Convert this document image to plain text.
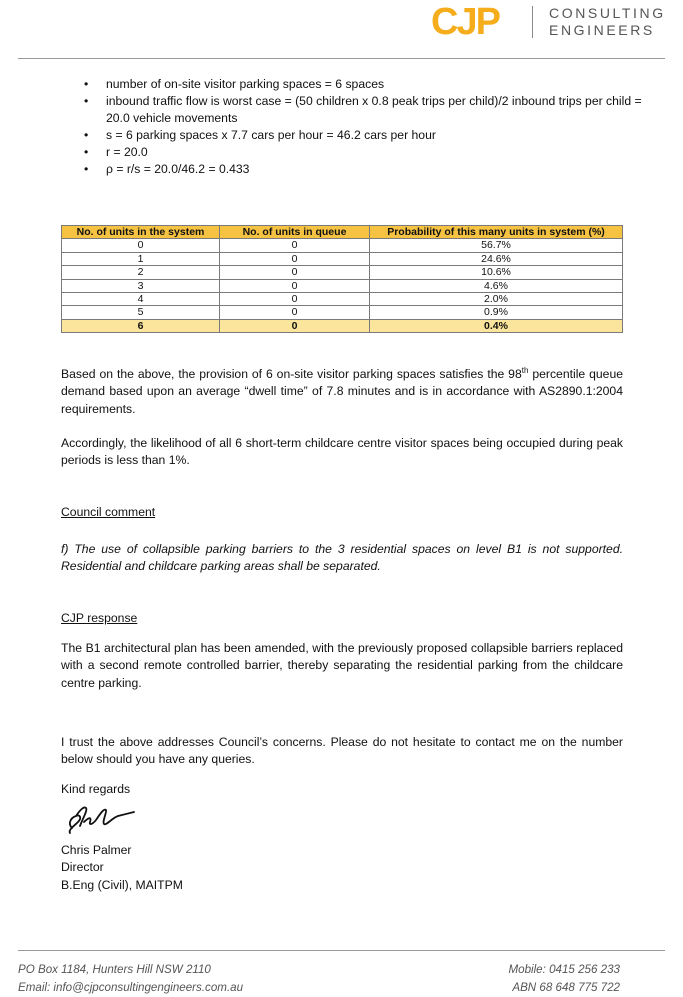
CJP	CONSULTING
ENGINEERS
• number of on-site visitor parking spaces = 6 spaces
• inbound traffic flow is worst case = (50 children x 0.8 peak trips per child)/2 inbound trips per child = 20.0 vehicle movements
• s = 6 parking spaces x 7.7 cars per hour = 46.2 cars per hour
• r = 20.0
• ρ = r/s = 20.0/46.2 = 0.433
No. of units in the system	No. of units in queue	Probability of this many units in system (%)
0	0	56.7%
1	0	24.6%
2	0	10.6%
3	0	4.6%
4	0	2.0%
5	0	0.9%
6	0	0.4%

Based on the above, the provision of 6 on-site visitor parking spaces satisfies the 98th percentile queue demand based upon an average “dwell time” of 7.8 minutes and is in accordance with AS2890.1:2004 requirements.

Accordingly, the likelihood of all 6 short-term childcare centre visitor spaces being occupied during peak periods is less than 1%.

Council comment

f) The use of collapsible parking barriers to the 3 residential spaces on level B1 is not supported. Residential and childcare parking areas shall be separated.

CJP response

The B1 architectural plan has been amended, with the previously proposed collapsible barriers replaced with a second remote controlled barrier, thereby separating the residential parking from the childcare centre parking.

I trust the above addresses Council’s concerns. Please do not hesitate to contact me on the number below should you have any queries.

Kind regards

Chris Palmer
Director
B.Eng (Civil), MAITPM
PO Box 1184, Hunters Hill NSW 2110
Email: info@cjpconsultingengineers.com.au
Mobile: 0415 256 233
ABN 68 648 775 722
